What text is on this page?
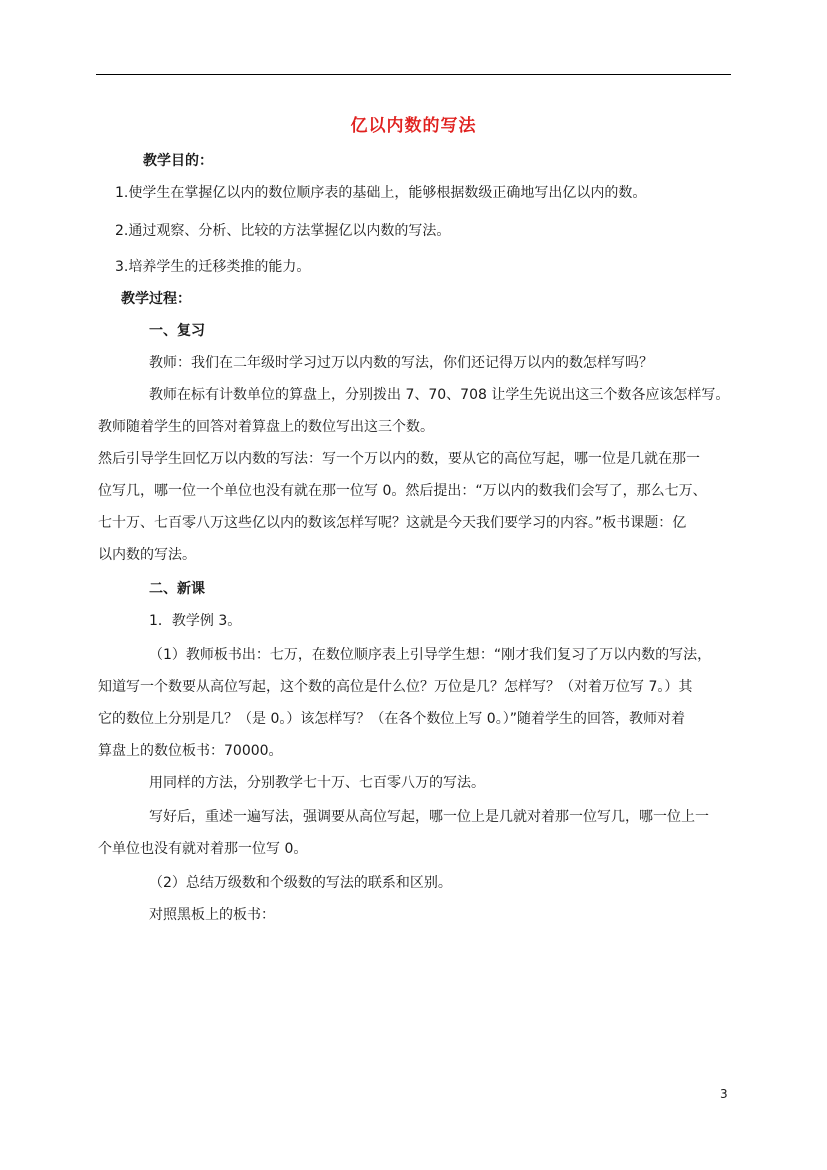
亿以内数的写法
教学目的：
1.使学生在掌握亿以内的数位顺序表的基础上，能够根据数级正确地写出亿以内的数。
2.通过观察、分析、比较的方法掌握亿以内数的写法。
3.培养学生的迁移类推的能力。
教学过程：
一、复习
教师：我们在二年级时学习过万以内数的写法，你们还记得万以内的数怎样写吗？
教师在标有计数单位的算盘上，分别拨出 7、70、708 让学生先说出这三个数各应该怎样写。
教师随着学生的回答对着算盘上的数位写出这三个数。
然后引导学生回忆万以内数的写法：写一个万以内的数，要从它的高位写起，哪一位是几就在那一
位写几，哪一位一个单位也没有就在那一位写 0。然后提出：“万以内的数我们会写了，那么七万、
七十万、七百零八万这些亿以内的数该怎样写呢？这就是今天我们要学习的内容。”板书课题：亿
以内数的写法。
二、新课
1．教学例 3。
（1）教师板书出：七万，在数位顺序表上引导学生想：“刚才我们复习了万以内数的写法，
知道写一个数要从高位写起，这个数的高位是什么位？万位是几？怎样写？（对着万位写 7。）其
它的数位上分别是几？（是 0。）该怎样写？（在各个数位上写 0。）”随着学生的回答，教师对着
算盘上的数位板书：70000。
用同样的方法，分别教学七十万、七百零八万的写法。
写好后，重述一遍写法，强调要从高位写起，哪一位上是几就对着那一位写几，哪一位上一
个单位也没有就对着那一位写 0。
（2）总结万级数和个级数的写法的联系和区别。
对照黑板上的板书：
3
